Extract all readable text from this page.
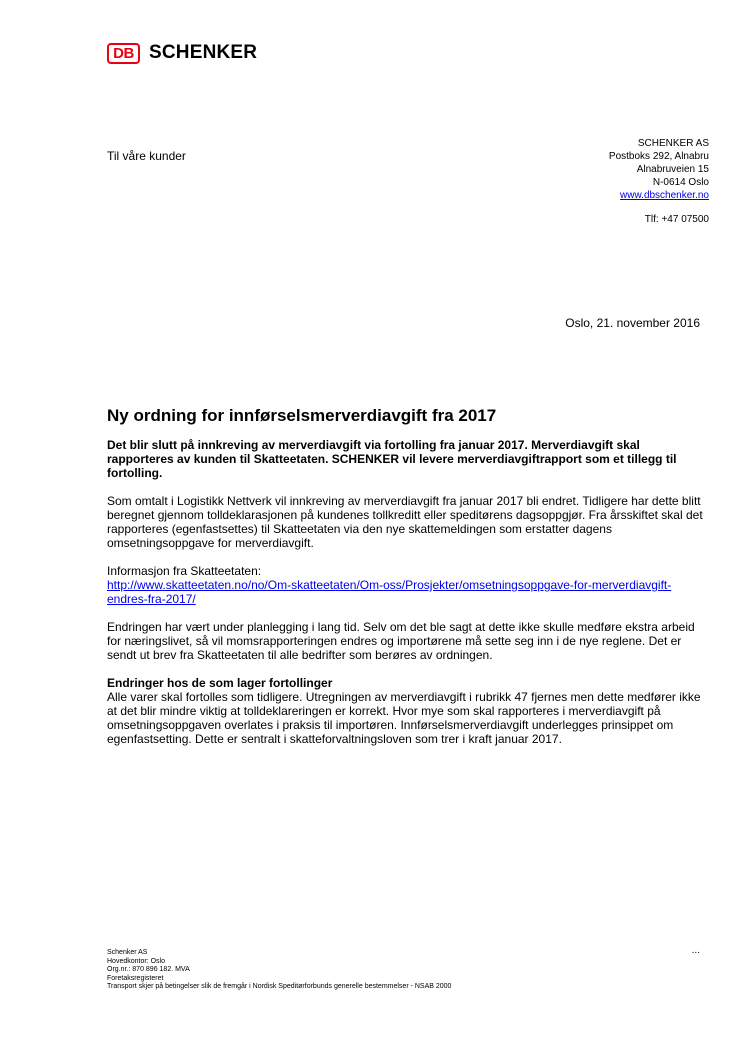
DB SCHENKER
Til våre kunder
SCHENKER AS
Postboks 292, Alnabru
Alnabruveien 15
N-0614 Oslo
www.dbschenker.no
Tlf: +47 07500
Oslo, 21. november 2016
Ny ordning for innførselsmerverdiavgift fra 2017

Det blir slutt på innkreving av merverdiavgift via fortolling fra januar 2017. Merverdiavgift skal rapporteres av kunden til Skatteetaten. SCHENKER vil levere merverdiavgiftrapport som et tillegg til fortolling.

Som omtalt i Logistikk Nettverk vil innkreving av merverdiavgift fra januar 2017 bli endret. Tidligere har dette blitt beregnet gjennom tolldeklarasjonen på kundenes tollkreditt eller speditørens dagsoppgjør. Fra årsskiftet skal det rapporteres (egenfastsettes) til Skatteetaten via den nye skattemeldingen som erstatter dagens omsetningsoppgave for merverdiavgift.

Informasjon fra Skatteetaten:
http://www.skatteetaten.no/no/Om-skatteetaten/Om-oss/Prosjekter/omsetningsoppgave-for-merverdiavgift-endres-fra-2017/

Endringen har vært under planlegging i lang tid. Selv om det ble sagt at dette ikke skulle medføre ekstra arbeid for næringslivet, så vil momsrapporteringen endres og importørene må sette seg inn i de nye reglene. Det er sendt ut brev fra Skatteetaten til alle bedrifter som berøres av ordningen.

Endringer hos de som lager fortollinger

Alle varer skal fortolles som tidligere. Utregningen av merverdiavgift i rubrikk 47 fjernes men dette medfører ikke at det blir mindre viktig at tolldeklareringen er korrekt. Hvor mye som skal rapporteres i merverdiavgift på omsetningsoppgaven overlates i praksis til importøren. Innførselsmerverdiavgift underlegges prinsippet om egenfastsetting. Dette er sentralt i skatteforvaltningsloven som trer i kraft januar 2017.

Schenker AS
Hovedkontor: Oslo
Org.nr.: 870 896 182. MVA
Foretaksregisteret
Transport skjer på betingelser slik de fremgår i Nordisk Speditørforbunds generelle bestemmelser - NSAB 2000
...
